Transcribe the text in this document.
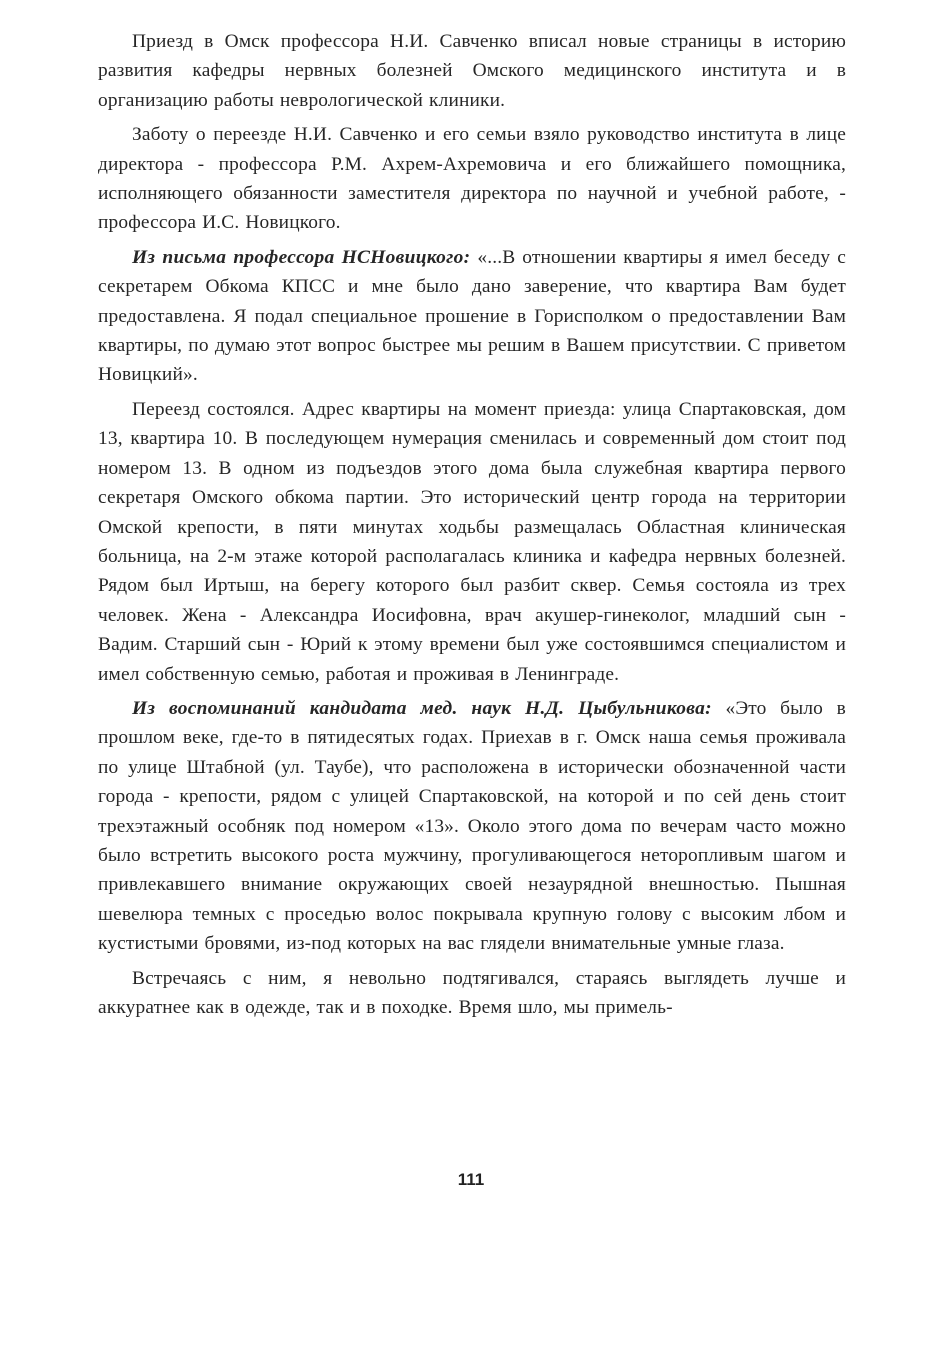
Приезд в Омск профессора Н.И. Савченко вписал новые страницы в историю развития кафедры нервных болезней Омского медицинского института и в организацию работы неврологической клиники.

Заботу о переезде Н.И. Савченко и его семьи взяло руководство института в лице директора - профессора Р.М. Ахрем-Ахремовича и его ближайшего помощника, исполняющего обязанности заместителя директора по научной и учебной работе, - профессора И.С. Новицкого.

Из письма профессора НСНовицкого: «...В отношении квартиры я имел беседу с секретарем Обкома КПСС и мне было дано заверение, что квартира Вам будет предоставлена. Я подал специальное прошение в Горисполком о предоставлении Вам квартиры, по думаю этот вопрос быстрее мы решим в Вашем присутствии. С приветом Новицкий».

Переезд состоялся. Адрес квартиры на момент приезда: улица Спартаковская, дом 13, квартира 10. В последующем нумерация сменилась и современный дом стоит под номером 13. В одном из подъездов этого дома была служебная квартира первого секретаря Омского обкома партии. Это исторический центр города на территории Омской крепости, в пяти минутах ходьбы размещалась Областная клиническая больница, на 2-м этаже которой располагалась клиника и кафедра нервных болезней. Рядом был Иртыш, на берегу которого был разбит сквер. Семья состояла из трех человек. Жена - Александра Иосифовна, врач акушер-гинеколог, младший сын - Вадим. Старший сын - Юрий к этому времени был уже состоявшимся специалистом и имел собственную семью, работая и проживая в Ленинграде.

Из воспоминаний кандидата мед. наук Н.Д. Цыбульникова: «Это было в прошлом веке, где-то в пятидесятых годах. Приехав в г. Омск наша семья проживала по улице Штабной (ул. Таубе), что расположена в исторически обозначенной части города - крепости, рядом с улицей Спартаковской, на которой и по сей день стоит трехэтажный особняк под номером «13». Около этого дома по вечерам часто можно было встретить высокого роста мужчину, прогуливающегося неторопливым шагом и привлекавшего внимание окружающих своей незаурядной внешностью. Пышная шевелюра темных с проседью волос покрывала крупную голову с высоким лбом и кустистыми бровями, из-под которых на вас глядели внимательные умные глаза.

Встречаясь с ним, я невольно подтягивался, стараясь выглядеть лучше и аккуратнее как в одежде, так и в походке. Время шло, мы примель-

111
